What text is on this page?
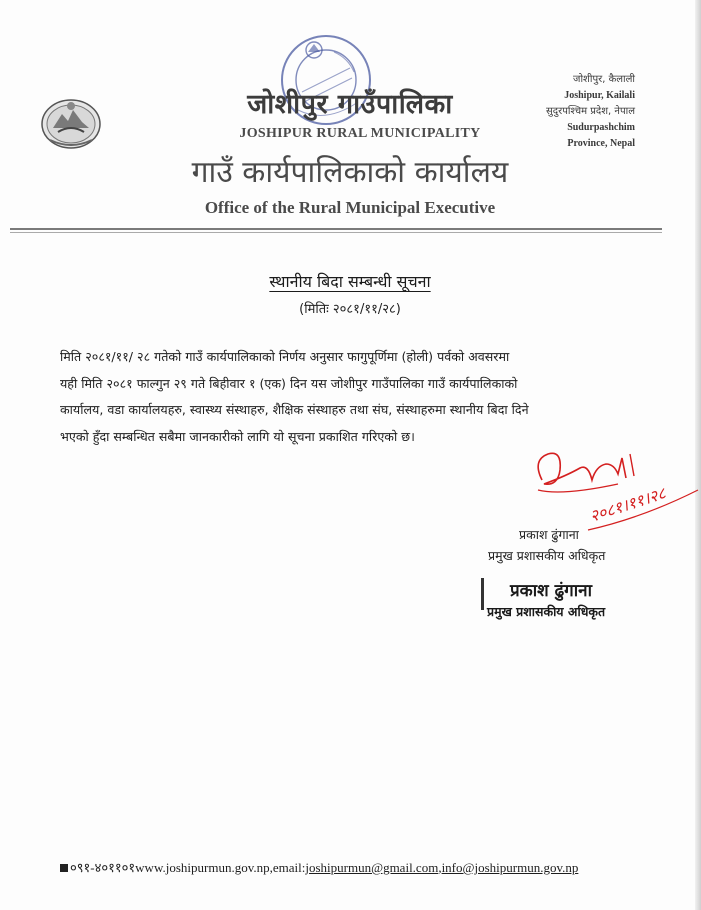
जोशीपुर गाउँपालिका
JOSHIPUR RURAL MUNICIPALITY
गाउँ कार्यपालिकाको कार्यालय
Office of the Rural Municipal Executive
जोशीपुर, कैलाली
Joshipur, Kailali
सुदुरपश्चिम प्रदेश, नेपाल
Sudurpashchim
Province, Nepal
स्थानीय बिदा सम्बन्धी सूचना
(मितिः २०८१/११/२८)
मिति २०८१/११/ २८ गतेको गाउँ कार्यपालिकाको निर्णय अनुसार फागुपूर्णिमा (होली) पर्वको अवसरमा
यही मिति २०८१ फाल्गुन २९ गते बिहीवार १ (एक) दिन यस जोशीपुर गाउँपालिका गाउँ कार्यपालिकाको
कार्यालय, वडा कार्यालयहरु, स्वास्थ्य संस्थाहरु, शैक्षिक संस्थाहरु तथा संघ, संस्थाहरुमा स्थानीय बिदा दिने
भएको हुँदा सम्बन्धित सबैमा जानकारीको लागि यो सूचना प्रकाशित गरिएको छ।
२०८१।११।२८
प्रकाश ढुंगाना
प्रमुख प्रशासकीय अधिकृत
प्रकाश ढुंगाना
प्रमुख प्रशासकीय अधिकृत
०९१-४०११०१www.joshipurmun.gov.np,email:joshipurmun@gmail.com,info@joshipurmun.gov.np
